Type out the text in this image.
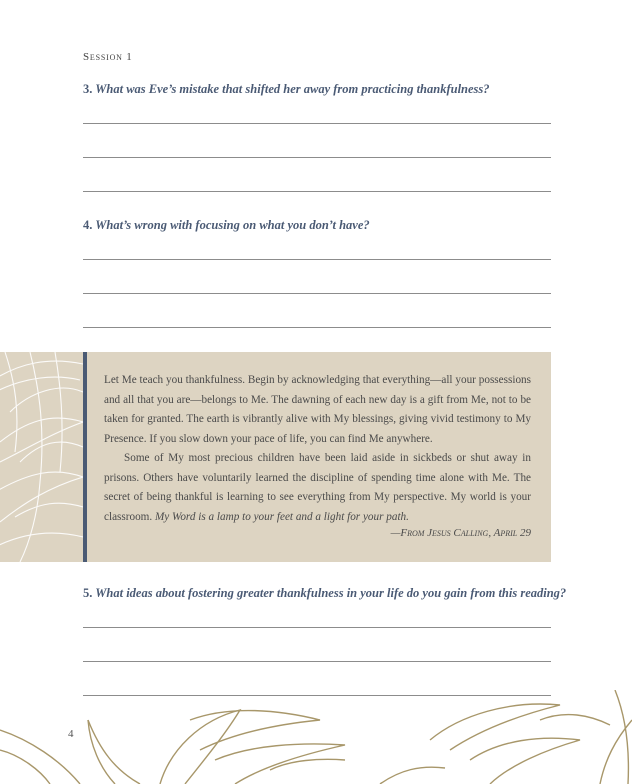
Session 1
3. What was Eve’s mistake that shifted her away from practicing thankfulness?
4. What’s wrong with focusing on what you don’t have?

Let Me teach you thankfulness. Begin by acknowledging that everything—all your possessions and all that you are—belongs to Me. The dawning of each new day is a gift from Me, not to be taken for granted. The earth is vibrantly alive with My blessings, giving vivid testimony to My Presence. If you slow down your pace of life, you can find Me anywhere.

Some of My most precious children have been laid aside in sickbeds or shut away in prisons. Others have voluntarily learned the discipline of spending time alone with Me. The secret of being thankful is learning to see everything from My perspective. My world is your classroom. My Word is a lamp to your feet and a light for your path.

—From Jesus Calling, April 29
5. What ideas about fostering greater thankfulness in your life do you gain from this reading?
4
